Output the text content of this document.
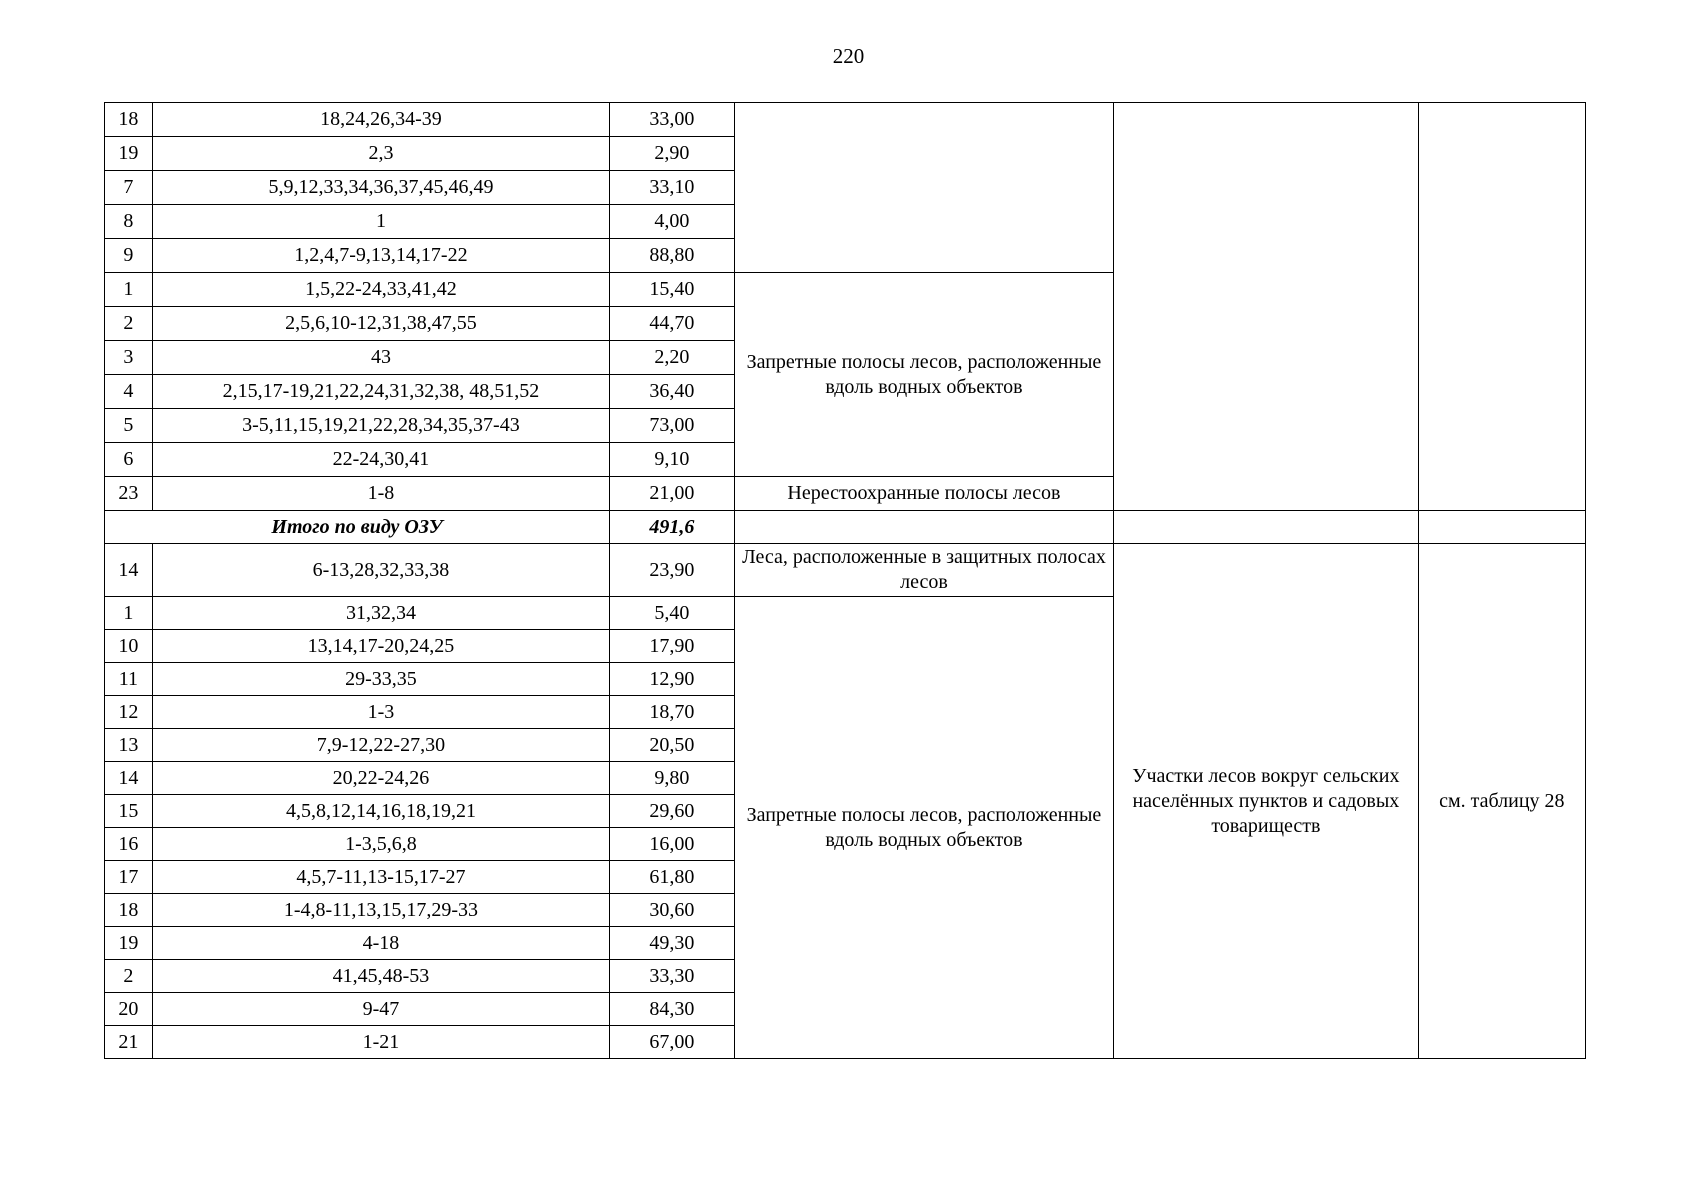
220
18	18,24,26,34-39	33,00			
19	2,3	2,90			
7	5,9,12,33,34,36,37,45,46,49	33,10			
8	1	4,00			
9	1,2,4,7-9,13,14,17-22	88,80			
1	1,5,22-24,33,41,42	15,40	Запретные полосы лесов, расположенные вдоль водных объектов		
2	2,5,6,10-12,31,38,47,55	44,70			
3	43	2,20			
4	2,15,17-19,21,22,24,31,32,38, 48,51,52	36,40			
5	3-5,11,15,19,21,22,28,34,35,37-43	73,00			
6	22-24,30,41	9,10			
23	1-8	21,00	Нерестоохранные полосы лесов		
Итого по виду ОЗУ		491,6			
14	6-13,28,32,33,38	23,90	Леса, расположенные в защитных полосах лесов	Участки лесов вокруг сельских населённых пунктов и садовых товариществ	см. таблицу 28
1	31,32,34	5,40	Запретные полосы лесов, расположенные вдоль водных объектов		
10	13,14,17-20,24,25	17,90			
11	29-33,35	12,90			
12	1-3	18,70			
13	7,9-12,22-27,30	20,50			
14	20,22-24,26	9,80			
15	4,5,8,12,14,16,18,19,21	29,60			
16	1-3,5,6,8	16,00			
17	4,5,7-11,13-15,17-27	61,80			
18	1-4,8-11,13,15,17,29-33	30,60			
19	4-18	49,30			
2	41,45,48-53	33,30			
20	9-47	84,30			
21	1-21	67,00			
